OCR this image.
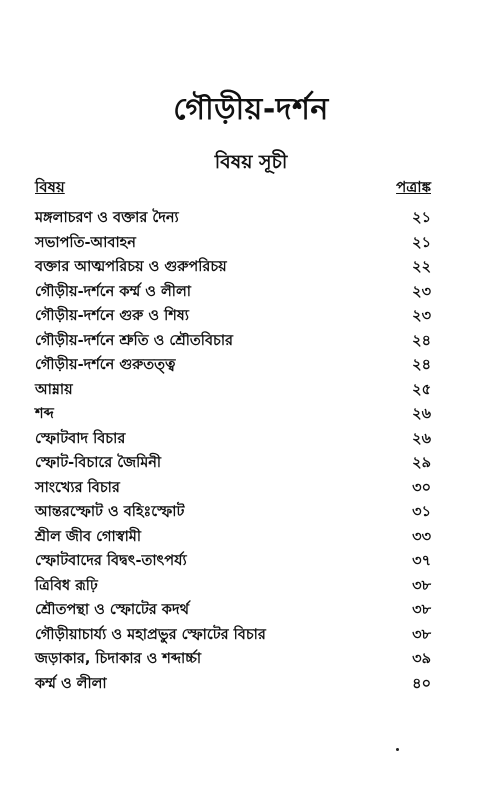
গৌড়ীয়-দর্শন
বিষয় সূচী
বিষয়	পত্রাঙ্ক
মঙ্গলাচরণ ও বক্তার দৈন্য	২১
সভাপতি-আবাহন	২১
বক্তার আত্মপরিচয় ও গুরুপরিচয়	২২
গৌড়ীয়-দর্শনে কর্ম্ম ও লীলা	২৩
গৌড়ীয়-দর্শনে গুরু ও শিষ্য	২৩
গৌড়ীয়-দর্শনে শ্রুতি ও শ্রৌতবিচার	২৪
গৌড়ীয়-দর্শনে গুরুতত্ত্ব	২৪
আম্নায়	২৫
শব্দ	২৬
স্ফোটবাদ বিচার	২৬
স্ফোট-বিচারে জৈমিনী	২৯
সাংখ্যের বিচার	৩০
আন্তরস্ফোট ও বহিঃস্ফোট	৩১
শ্রীল জীব গোস্বামী	৩৩
স্ফোটবাদের বিদ্বৎ-তাৎপর্য্য	৩৭
ত্রিবিধ রূঢ়ি	৩৮
শ্রৌতপন্থা ও স্ফোটের কদর্থ	৩৮
গৌড়ীয়াচার্য্য ও মহাপ্রভুর স্ফোটের বিচার	৩৮
জড়াকার, চিদাকার ও শব্দার্চ্চা	৩৯
কর্ম্ম ও লীলা	৪০
